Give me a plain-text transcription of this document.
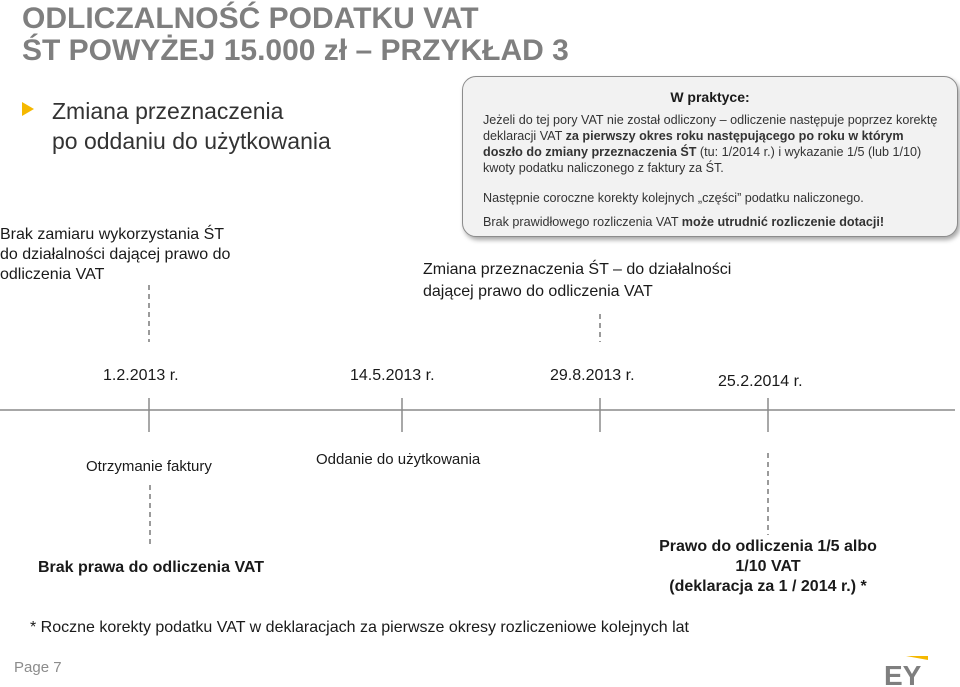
ODLICZALNOŚĆ PODATKU VAT
ŚT POWYŻEJ 15.000 zł – PRZYKŁAD 3
Zmiana przeznaczenia
po oddaniu do użytkowania
Brak zamiaru wykorzystania ŚT
do działalności dającej prawo do
odliczenia VAT
W praktyce:
Jeżeli do tej pory VAT nie został odliczony – odliczenie następuje poprzez korektę deklaracji VAT za pierwszy okres roku następującego po roku w którym doszło do zmiany przeznaczenia ŚT (tu: 1/2014 r.) i wykazanie 1/5 (lub 1/10) kwoty podatku naliczonego z faktury za ŚT.
Następnie coroczne korekty kolejnych „części” podatku naliczonego.
Brak prawidłowego rozliczenia VAT może utrudnić rozliczenie dotacji!
Zmiana przeznaczenia ŚT – do działalności
dającej prawo do odliczenia VAT
1.2.2013 r.	14.5.2013 r.	29.8.2013 r.	25.2.2014 r.
Otrzymanie faktury	Oddanie do użytkowania
Brak prawa do odliczenia VAT
Prawo do odliczenia 1/5 albo
1/10 VAT
(deklaracja za 1 / 2014 r.) *
* Roczne korekty podatku VAT w deklaracjach za pierwsze okresy rozliczeniowe kolejnych lat
Page 7	EY
